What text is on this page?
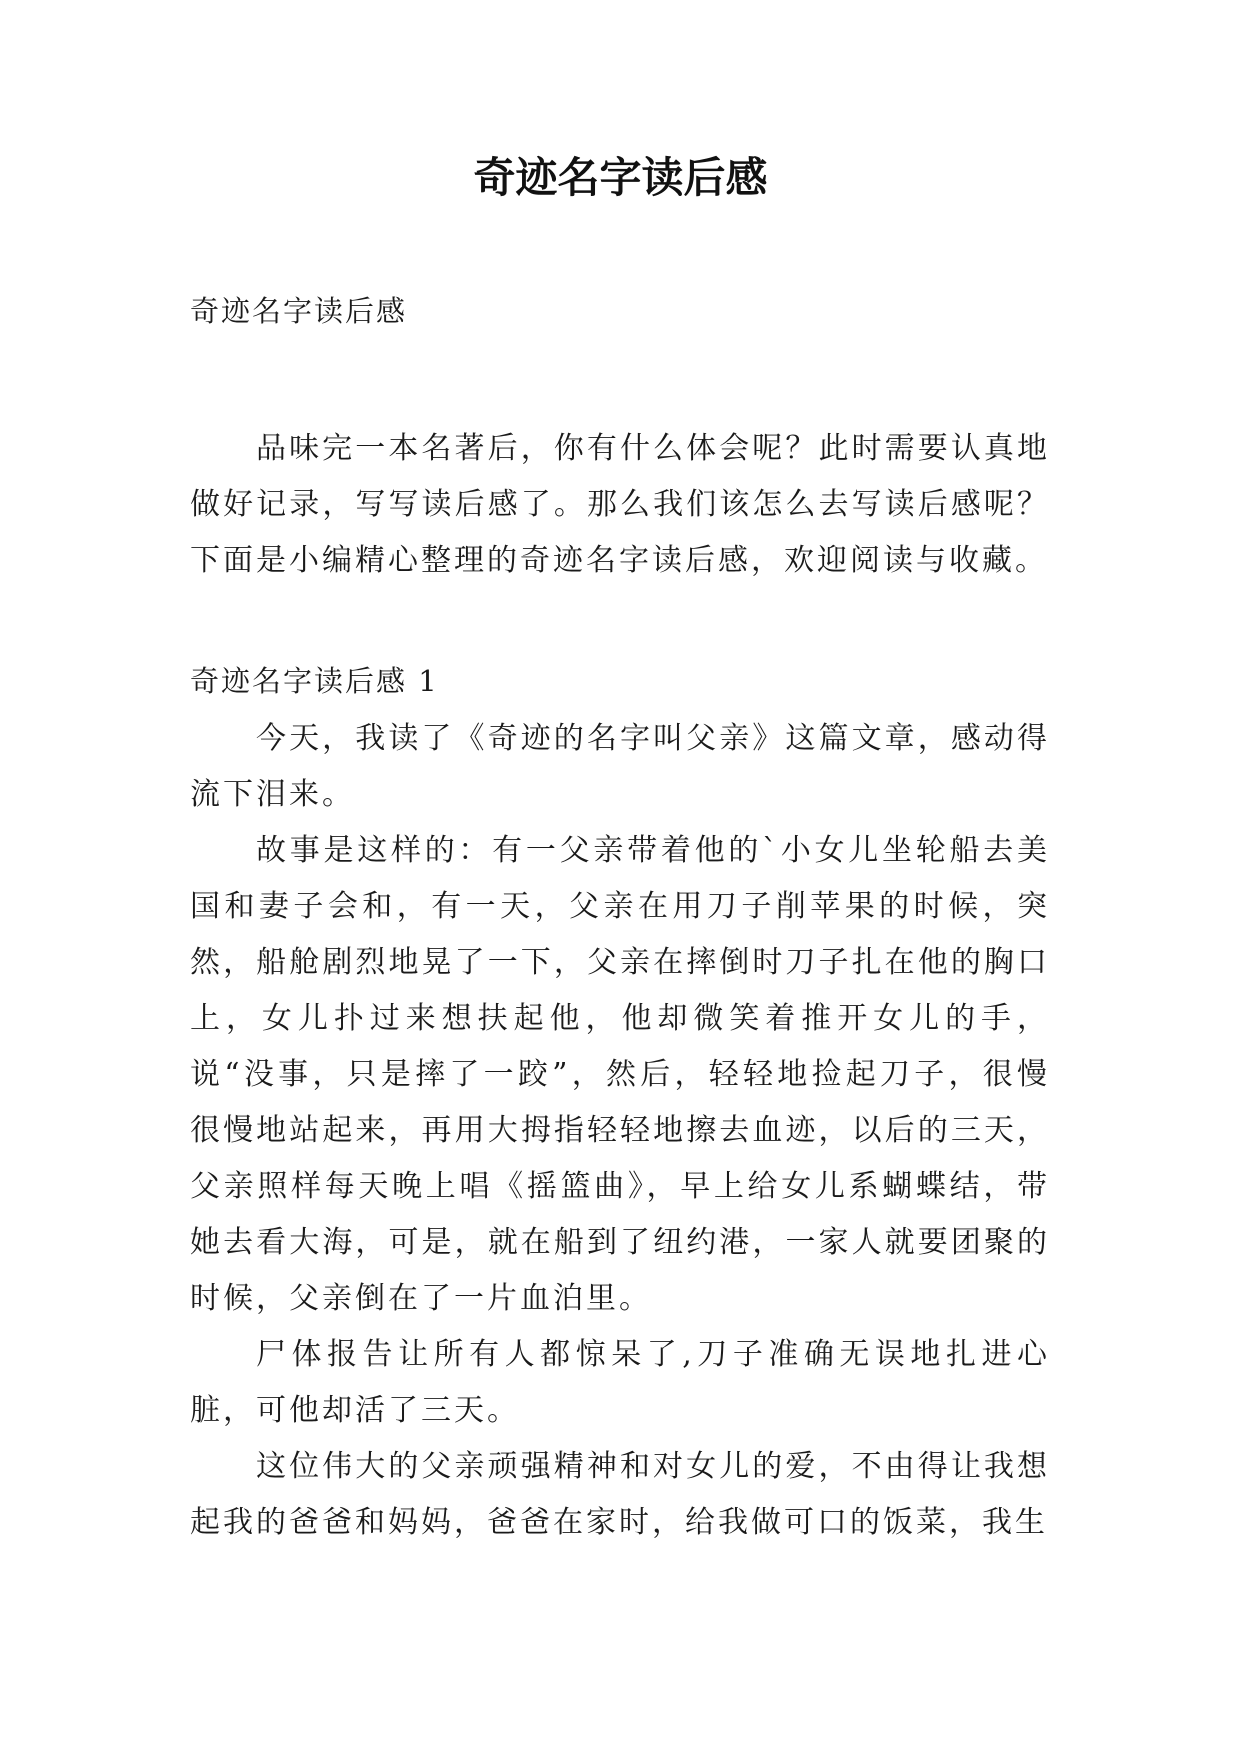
奇迹名字读后感

奇迹名字读后感

品味完一本名著后，你有什么体会呢？此时需要认真地做好记录，写写读后感了。那么我们该怎么去写读后感呢？下面是小编精心整理的奇迹名字读后感，欢迎阅读与收藏。

奇迹名字读后感 1

今天，我读了《奇迹的名字叫父亲》这篇文章，感动得流下泪来。

故事是这样的：有一父亲带着他的`小女儿坐轮船去美国和妻子会和，有一天，父亲在用刀子削苹果的时候，突然，船舱剧烈地晃了一下，父亲在摔倒时刀子扎在他的胸口上，女儿扑过来想扶起他，他却微笑着推开女儿的手，说“没事，只是摔了一跤”，然后，轻轻地捡起刀子，很慢很慢地站起来，再用大拇指轻轻地擦去血迹，以后的三天，父亲照样每天晚上唱《摇篮曲》，早上给女儿系蝴蝶结，带她去看大海，可是，就在船到了纽约港，一家人就要团聚的时候，父亲倒在了一片血泊里。

尸体报告让所有人都惊呆了,刀子准确无误地扎进心脏，可他却活了三天。

这位伟大的父亲顽强精神和对女儿的爱，不由得让我想起我的爸爸和妈妈，爸爸在家时，给我做可口的饭菜，我生
